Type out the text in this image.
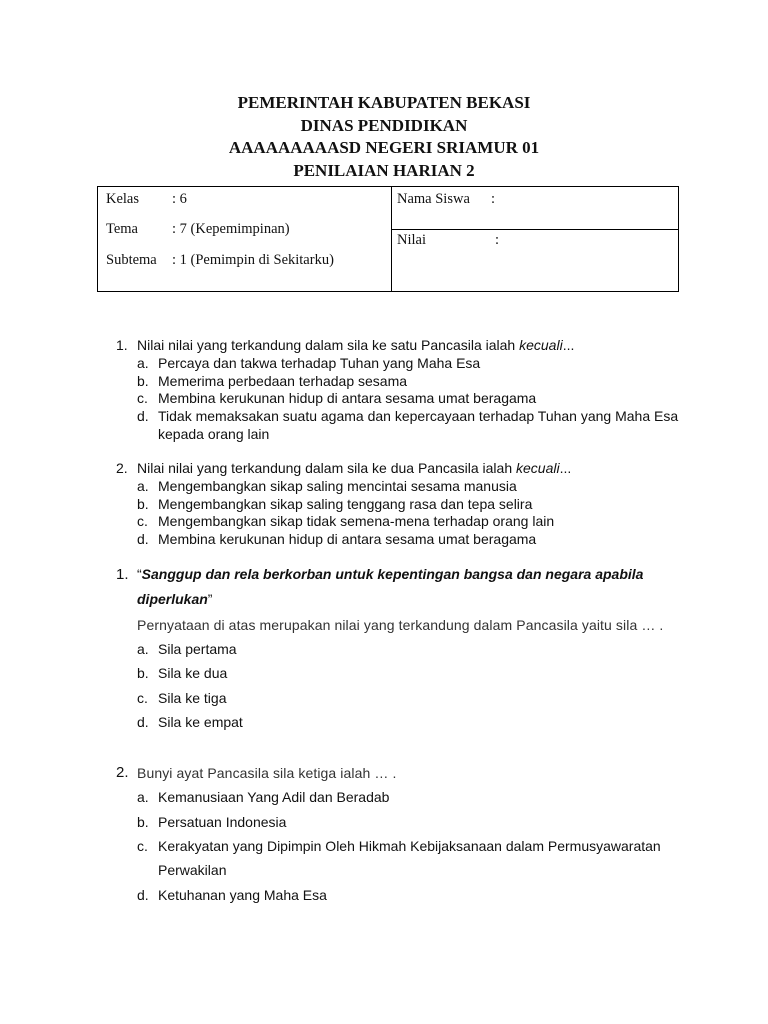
PEMERINTAH KABUPATEN BEKASI
DINAS PENDIDIKAN
AAAAAAAAASD NEGERI SRIAMUR 01
PENILAIAN HARIAN 2
Kelas : 6
Tema : 7 (Kepemimpinan)
Subtema : 1 (Pemimpin di Sekitarku)
Nama Siswa :
Nilai	:
1. Nilai nilai yang terkandung dalam sila ke satu Pancasila ialah kecuali...
a. Percaya dan takwa terhadap Tuhan yang Maha Esa
b. Memerima perbedaan terhadap sesama
c. Membina kerukunan hidup di antara sesama umat beragama
d. Tidak memaksakan suatu agama dan kepercayaan terhadap Tuhan yang Maha Esa
kepada orang lain
2. Nilai nilai yang terkandung dalam sila ke dua Pancasila ialah kecuali...
a. Mengembangkan sikap saling mencintai sesama manusia
b. Mengembangkan sikap saling tenggang rasa dan tepa selira
c. Mengembangkan sikap tidak semena-mena terhadap orang lain
d. Membina kerukunan hidup di antara sesama umat beragama
1. “Sanggup dan rela berkorban untuk kepentingan bangsa dan negara apabila
diperlukan”
Pernyataan di atas merupakan nilai yang terkandung dalam Pancasila yaitu sila … .
a. Sila pertama
b. Sila ke dua
c. Sila ke tiga
d. Sila ke empat
2. Bunyi ayat Pancasila sila ketiga ialah … .
a. Kemanusiaan Yang Adil dan Beradab
b. Persatuan Indonesia
c. Kerakyatan yang Dipimpin Oleh Hikmah Kebijaksanaan dalam Permusyawaratan
Perwakilan
d. Ketuhanan yang Maha Esa
